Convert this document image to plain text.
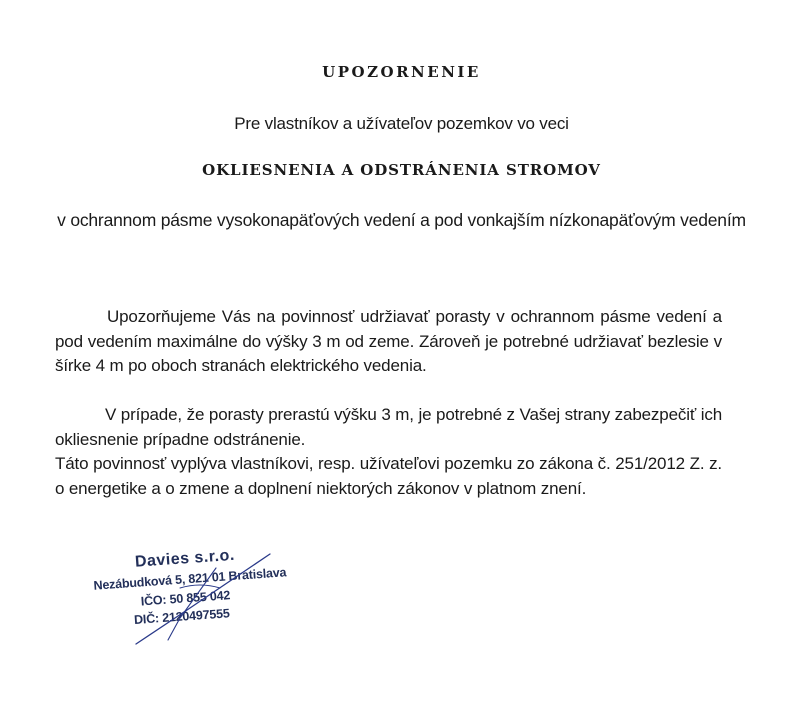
UPOZORNENIE
Pre vlastníkov a užívateľov pozemkov vo veci
OKLIESNENIA A ODSTRÁNENIA STROMOV
v ochrannom pásme vysokonapäťových vedení a pod vonkajším nízkonapäťovým vedením

Upozorňujeme Vás na povinnosť udržiavať porasty v ochrannom pásme vedení a pod vedením maximálne do výšky 3 m od zeme. Zároveň je potrebné udržiavať bezlesie v šírke 4 m po oboch stranách elektrického vedenia.

V prípade, že porasty prerastú výšku 3 m, je potrebné z Vašej strany zabezpečiť ich okliesnenie prípadne odstránenie.

Táto povinnosť vyplýva vlastníkovi, resp. užívateľovi pozemku zo zákona č. 251/2012 Z. z. o energetike a o zmene a doplnení niektorých zákonov v platnom znení.

Davies s.r.o.
Nezábudková 5, 821 01 Bratislava
IČO: 50 855 042
DIČ: 2120497555
